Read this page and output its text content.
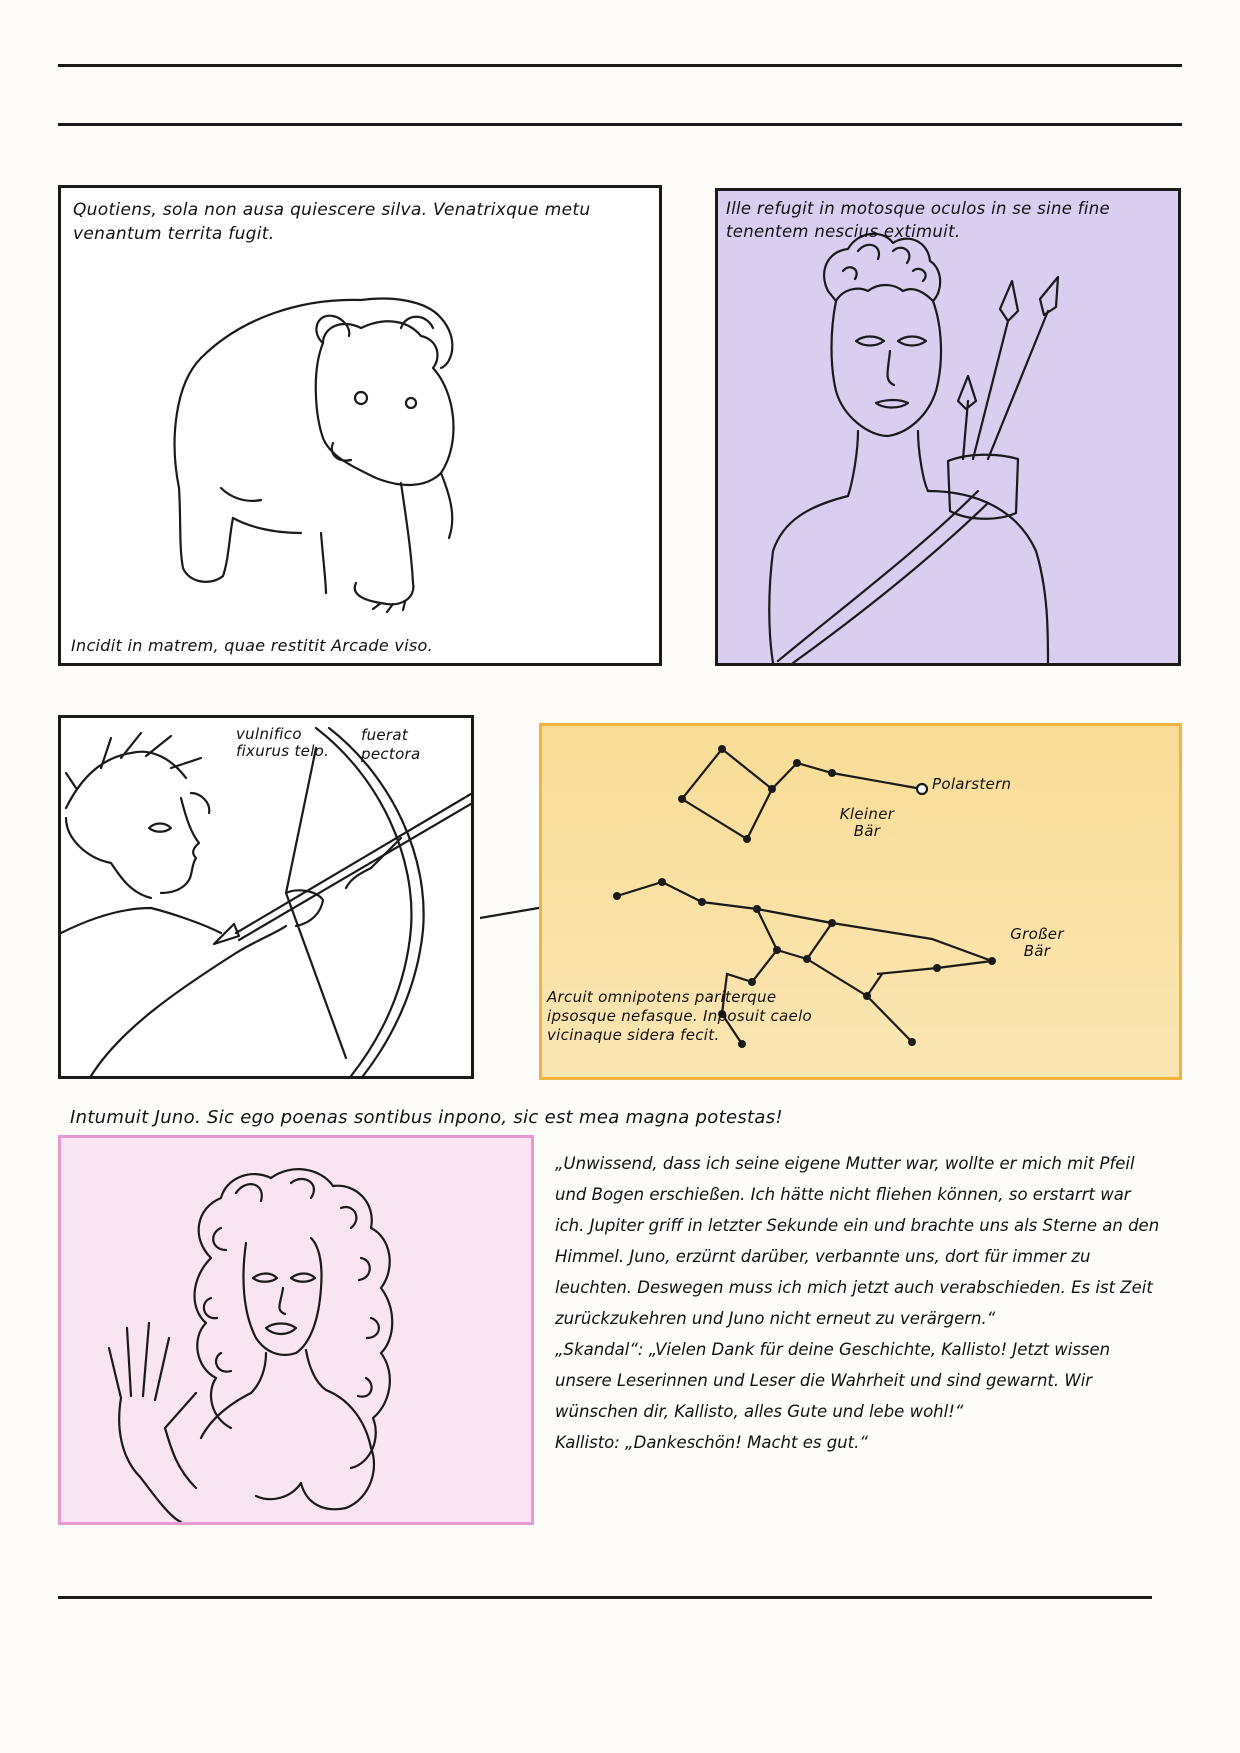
Quotiens, sola non ausa quiescere silva. Venatrixque metu venantum territa fugit.
Incidit in matrem, quae restitit Arcade viso.
Ille refugit in motosque oculos in se sine fine tenentem nescius extimuit.
vulnifico fixurus telo.
fuerat pectora
Polarstern
Kleiner Bär
Großer Bär
Arcuit omnipotens pariterque ipsosque nefasque. Inposuit caelo vicinaque sidera fecit.
Intumuit Juno. Sic ego poenas sontibus inpono, sic est mea magna potestas!

„Unwissend, dass ich seine eigene Mutter war, wollte er mich mit Pfeil und Bogen erschießen. Ich hätte nicht fliehen können, so erstarrt war ich. Jupiter griff in letzter Sekunde ein und brachte uns als Sterne an den Himmel. Juno, erzürnt darüber, verbannte uns, dort für immer zu leuchten. Deswegen muss ich mich jetzt auch verabschieden. Es ist Zeit zurückzukehren und Juno nicht erneut zu verärgern.“

„Skandal“: „Vielen Dank für deine Geschichte, Kallisto! Jetzt wissen unsere Leserinnen und Leser die Wahrheit und sind gewarnt. Wir wünschen dir, Kallisto, alles Gute und lebe wohl!“

Kallisto: „Dankeschön! Macht es gut.“
